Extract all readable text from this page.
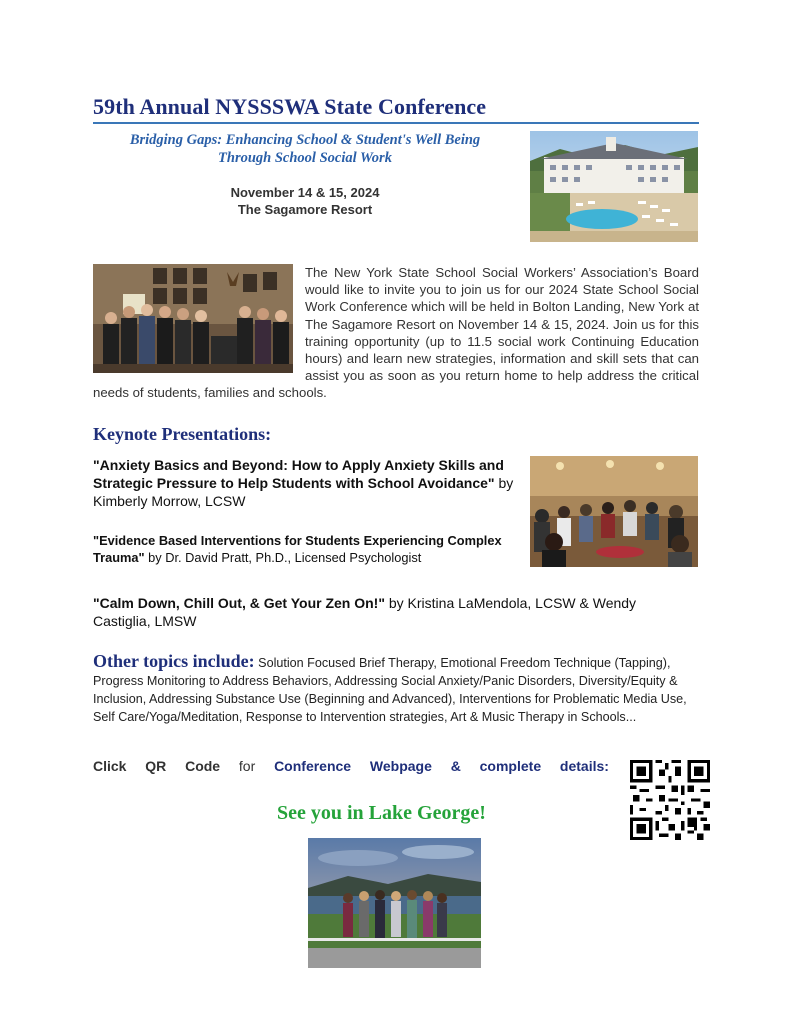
59th Annual NYSSSWA State Conference
Bridging Gaps: Enhancing School & Student's Well Being
Through School Social Work
November 14 & 15, 2024
The Sagamore Resort
The New York State School Social Workers’ Association’s Board would like to invite you to join us for our 2024 State School Social Work Conference which will be held in Bolton Landing, New York at The Sagamore Resort on November 14 & 15, 2024. Join us for this training opportunity (up to 11.5 social work Continuing Education hours) and learn new strategies, information and skill sets that can assist you as soon as you return home to help address the critical needs of students, families and schools.
Keynote Presentations:
"Anxiety Basics and Beyond: How to Apply Anxiety Skills and Strategic Pressure to Help Students with School Avoidance" by Kimberly Morrow, LCSW
"Evidence Based Interventions for Students Experiencing Complex Trauma" by Dr. David Pratt, Ph.D., Licensed Psychologist
"Calm Down, Chill Out, & Get Your Zen On!" by Kristina LaMendola, LCSW & Wendy Castiglia, LMSW
Other topics include: Solution Focused Brief Therapy, Emotional Freedom Technique (Tapping), Progress Monitoring to Address Behaviors, Addressing Social Anxiety/Panic Disorders, Diversity/Equity & Inclusion, Addressing Substance Use (Beginning and Advanced), Interventions for Problematic Media Use, Self Care/Yoga/Meditation, Response to Intervention strategies, Art & Music Therapy in Schools...
Click QR Code for Conference Webpage & complete details:
See you in Lake George!
